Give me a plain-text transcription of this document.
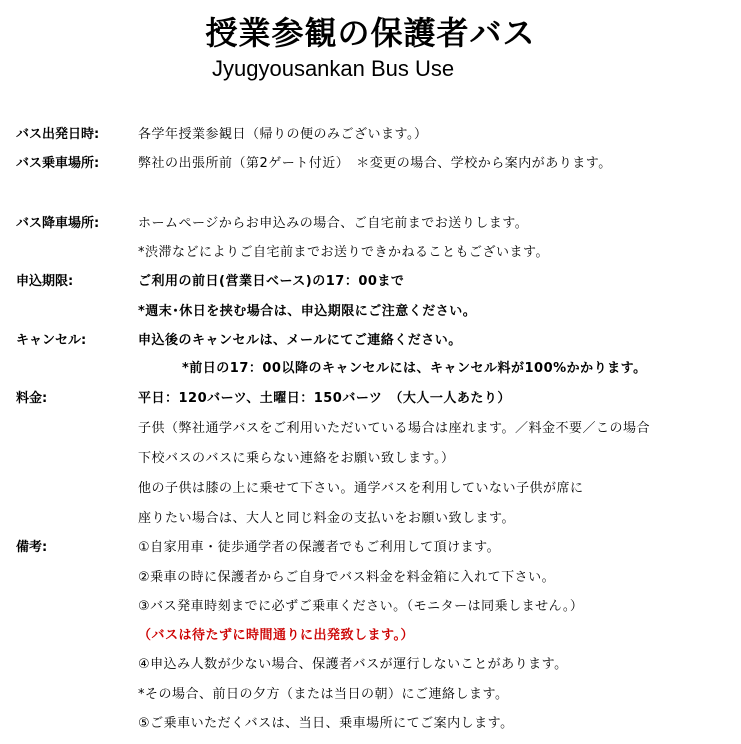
授業参観の保護者バス
Jyugyousankan Bus Use
バス出発日時:	各学年授業参観日（帰りの便のみございます。）
バス乗車場所:	弊社の出張所前（第2ゲート付近）　＊変更の場合、学校から案内があります。
バス降車場所:	ホームページからお申込みの場合、ご自宅前までお送りします。
*渋滞などによりご自宅前までお送りできかねることもございます。
申込期限:	ご利用の前日(営業日ベース)の17：00まで
*週末･休日を挟む場合は、申込期限にご注意ください。
キャンセル:	申込後のキャンセルは、メールにてご連絡ください。
*前日の17：00以降のキャンセルには、キャンセル料が100%かかります。
料金:	平日：120バーツ、土曜日：150バーツ　（大人一人あたり）
子供（弊社通学バスをご利用いただいている場合は座れます。／料金不要／この場合
下校バスのバスに乗らない連絡をお願い致します。）
他の子供は膝の上に乗せて下さい。通学バスを利用していない子供が席に
座りたい場合は、大人と同じ料金の支払いをお願い致します。
備考:	①自家用車・徒歩通学者の保護者でもご利用して頂けます。
②乗車の時に保護者からご自身でバス料金を料金箱に入れて下さい。
③バス発車時刻までに必ずご乗車ください。（モニターは同乗しません。）
（バスは待たずに時間通りに出発致します。）
④申込み人数が少ない場合、保護者バスが運行しないことがあります。
*その場合、前日の夕方（または当日の朝）にご連絡します。
⑤ご乗車いただくバスは、当日、乗車場所にてご案内します。
